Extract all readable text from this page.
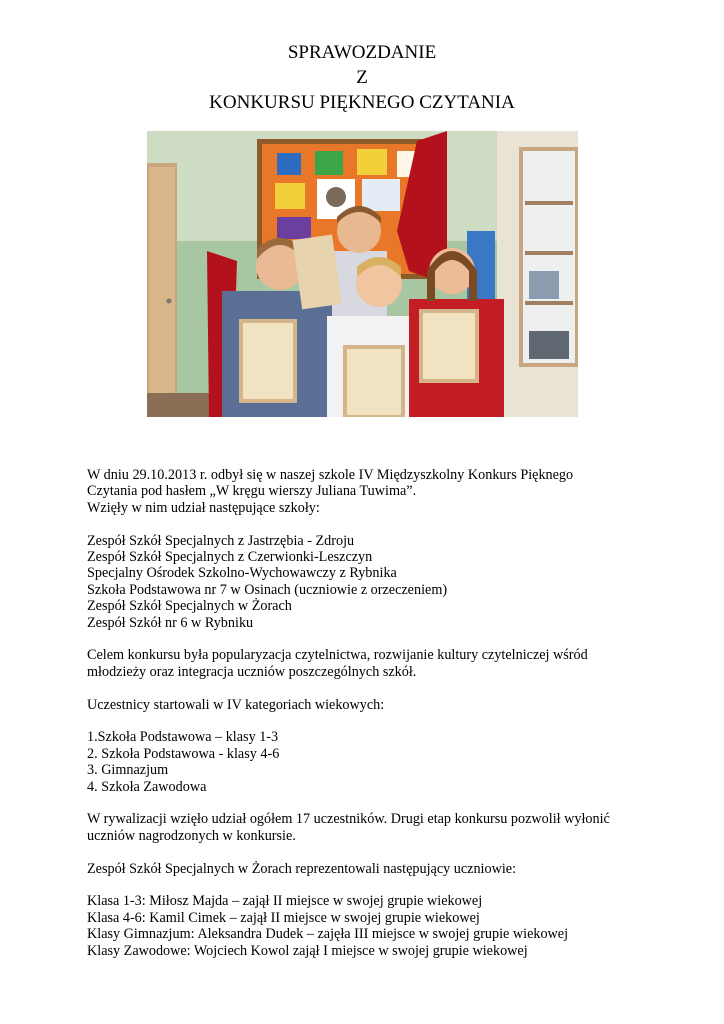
SPRAWOZDANIE
Z
KONKURSU PIĘKNEGO CZYTANIA
W dniu 29.10.2013 r. odbył się w naszej szkole IV Międzyszkolny Konkurs Pięknego
Czytania pod hasłem „W kręgu wierszy Juliana Tuwima”.
Wzięły w nim udział następujące szkoły:
Zespół Szkół Specjalnych z Jastrzębia - Zdroju
Zespół Szkół Specjalnych z Czerwionki-Leszczyn
Specjalny Ośrodek Szkolno-Wychowawczy z Rybnika
Szkoła Podstawowa nr 7 w Osinach (uczniowie z orzeczeniem)
Zespół Szkół Specjalnych w Żorach
Zespół Szkół nr 6 w Rybniku
Celem konkursu była popularyzacja czytelnictwa, rozwijanie kultury czytelniczej wśród
młodzieży oraz integracja uczniów poszczególnych szkół.
Uczestnicy startowali w IV kategoriach wiekowych:
1.Szkoła Podstawowa – klasy 1-3
2. Szkoła Podstawowa - klasy 4-6
3. Gimnazjum
4. Szkoła Zawodowa
W rywalizacji wzięło udział ogółem 17 uczestników. Drugi etap konkursu pozwolił wyłonić
uczniów nagrodzonych w konkursie.
Zespół Szkół Specjalnych w Żorach reprezentowali następujący uczniowie:
Klasa 1-3: Miłosz Majda – zajął II miejsce w swojej grupie wiekowej
Klasa 4-6: Kamil Cimek – zajął II miejsce w swojej grupie wiekowej
Klasy Gimnazjum: Aleksandra Dudek – zajęła III miejsce w swojej grupie wiekowej
Klasy Zawodowe: Wojciech Kowol zajął I miejsce w swojej grupie wiekowej
